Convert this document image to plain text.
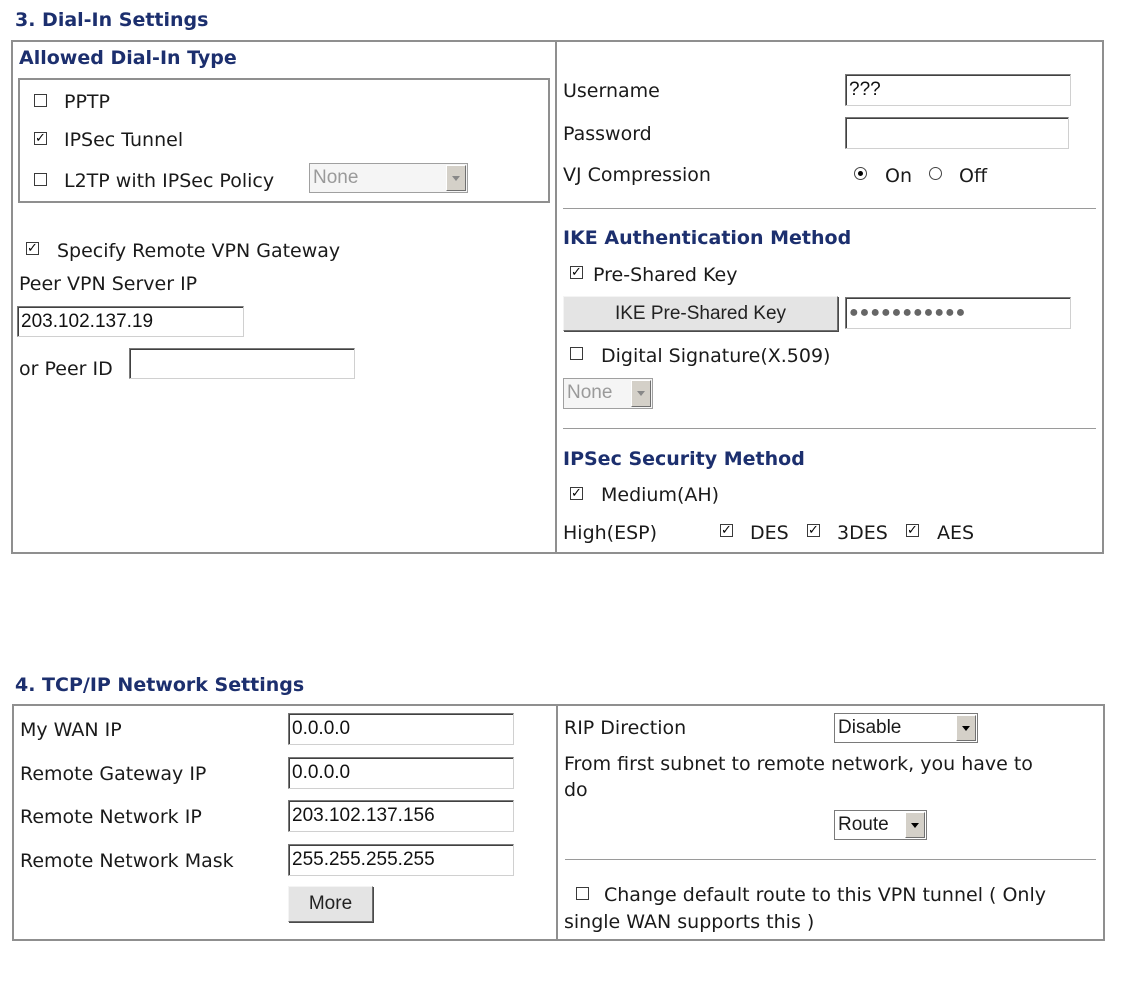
3. Dial-In Settings
Allowed Dial-In Type
PPTP
✓ IPSec Tunnel
L2TP with IPSec Policy None
✓ Specify Remote VPN Gateway
Peer VPN Server IP
203.102.137.19
or Peer ID
Username	???
Password
VJ Compression	On Off
IKE Authentication Method
✓ Pre-Shared Key
IKE Pre-Shared Key	●●●●●●●●●●●
Digital Signature(X.509)
None
IPSec Security Method
✓ Medium(AH)
High(ESP)	✓ DES ✓ 3DES ✓ AES
4. TCP/IP Network Settings
My WAN IP	0.0.0.0
Remote Gateway IP	0.0.0.0
Remote Network IP	203.102.137.156
Remote Network Mask	255.255.255.255
More
RIP Direction	Disable
From first subnet to remote network, you have to
do
Route
Change default route to this VPN tunnel ( Only
single WAN supports this )
